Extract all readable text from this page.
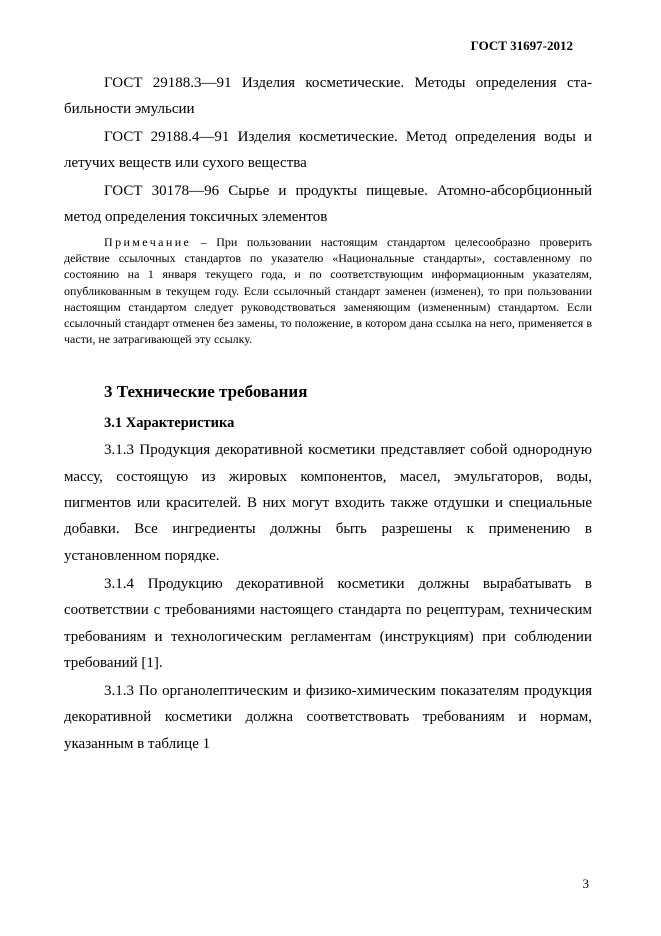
ГОСТ 31697-2012

ГОСТ 29188.3—91 Изделия косметические. Методы определения ста-

бильности эмульсии

ГОСТ 29188.4—91 Изделия косметические. Метод определения воды и

летучих веществ или сухого вещества

ГОСТ 30178—96 Сырье и продукты пищевые. Атомно-абсорбционный

метод определения токсичных элементов

Примечание – При пользовании настоящим стандартом целесообразно проверить действие ссылочных стандартов по указателю «Национальные стандарты», составленному по состоянию на 1 января текущего года, и по соответствующим информационным указателям, опубликованным в текущем году. Если ссылочный стандарт заменен (изменен), то при пользовании настоящим стандартом следует руководствоваться заменяющим (измененным) стандартом. Если ссылочный стандарт отменен без замены, то положение, в котором дана ссылка на него, применяется в части, не затрагивающей эту ссылку.

3 Технические требования
3.1 Характеристика

3.1.3 Продукция декоративной косметики представляет собой однородную массу, состоящую из жировых компонентов, масел, эмульгаторов, воды, пигментов или красителей. В них могут входить также отдушки и специальные добавки. Все ингредиенты должны быть разрешены к применению в установленном порядке.

3.1.4 Продукцию декоративной косметики должны вырабатывать в соответствии с требованиями настоящего стандарта по рецептурам, техническим требованиям и технологическим регламентам (инструкциям) при соблюдении требований [1].

3.1.3 По органолептическим и физико-химическим показателям продукция декоративной косметики должна соответствовать требованиям и нормам, указанным в таблице 1

3
